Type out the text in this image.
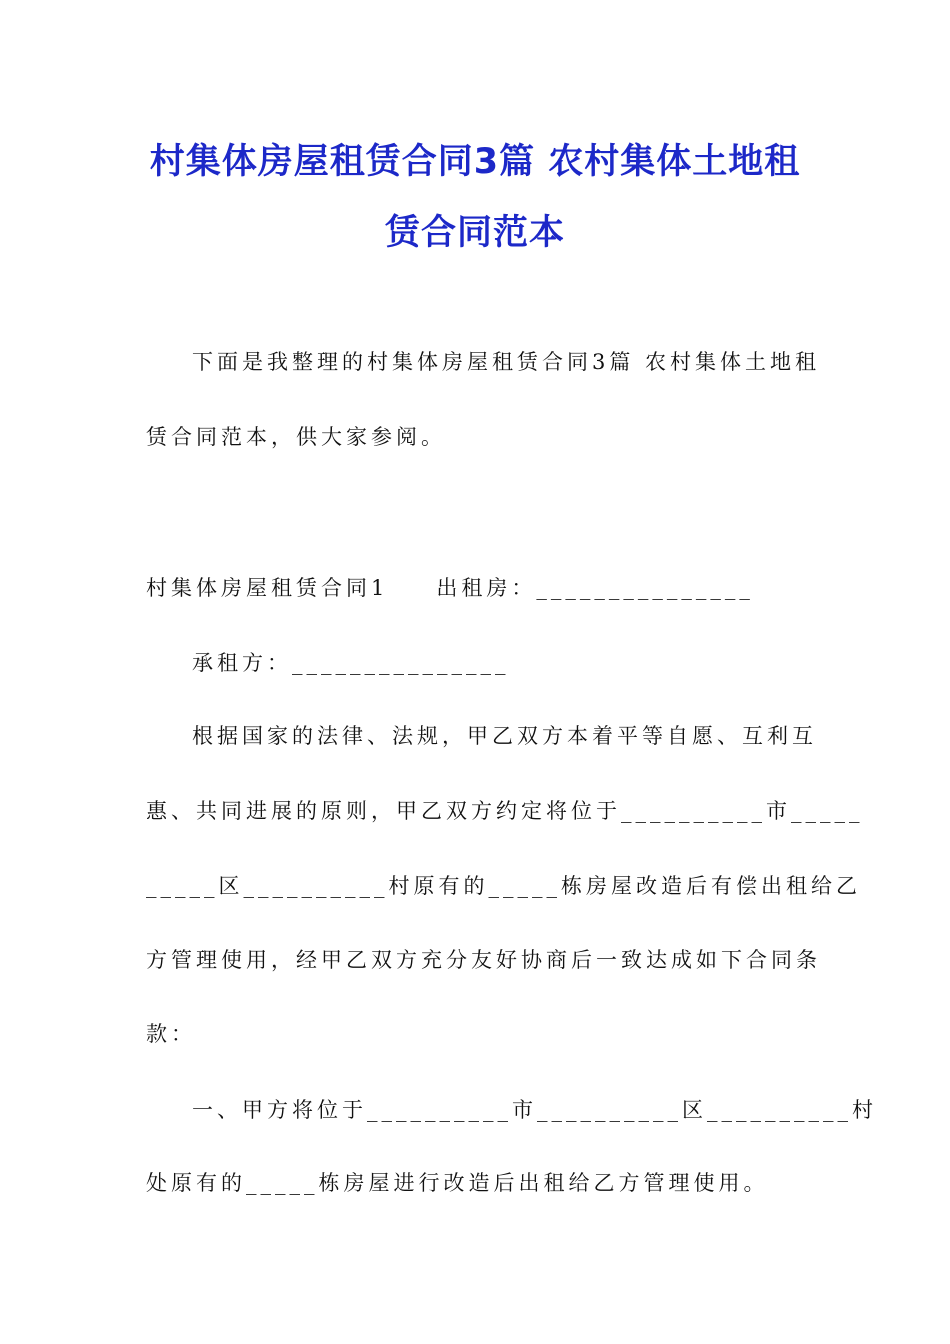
村集体房屋租赁合同3篇 农村集体土地租
赁合同范本

下面是我整理的村集体房屋租赁合同3篇 农村集体土地租

赁合同范本，供大家参阅。

村集体房屋租赁合同1 出租房：_______________

承租方：_______________

根据国家的法律、法规，甲乙双方本着平等自愿、互利互

惠、共同进展的原则，甲乙双方约定将位于__________市_____

_____区__________村原有的_____栋房屋改造后有偿出租给乙

方管理使用，经甲乙双方充分友好协商后一致达成如下合同条

款：

一、甲方将位于__________市__________区__________村

处原有的_____栋房屋进行改造后出租给乙方管理使用。
